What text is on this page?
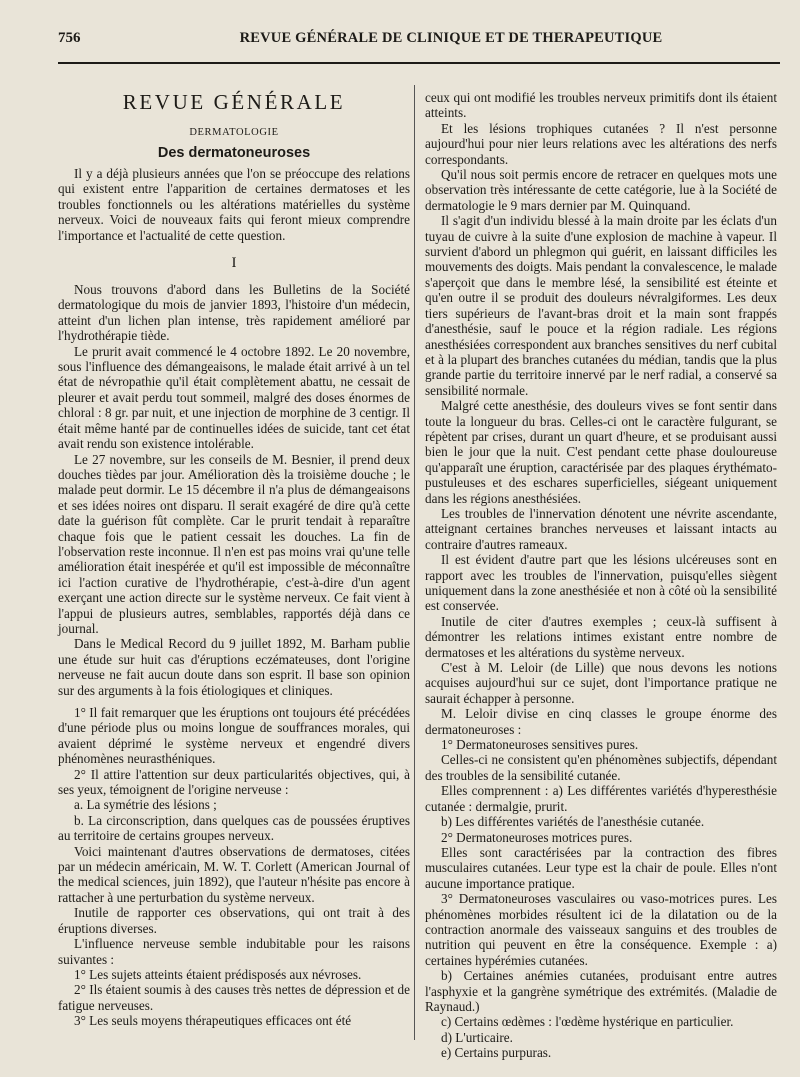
756	REVUE GÉNÉRALE DE CLINIQUE ET DE THERAPEUTIQUE
REVUE GÉNÉRALE
DERMATOLOGIE
Des dermatoneuroses

Il y a déjà plusieurs années que l'on se préoccupe des relations qui existent entre l'apparition de certaines dermatoses et les troubles fonctionnels ou les altérations matérielles du système nerveux. Voici de nouveaux faits qui feront mieux comprendre l'importance et l'actualité de cette question.

I

Nous trouvons d'abord dans les Bulletins de la Société dermatologique du mois de janvier 1893, l'histoire d'un médecin, atteint d'un lichen plan intense, très rapidement amélioré par l'hydrothérapie tiède.

Le prurit avait commencé le 4 octobre 1892. Le 20 novembre, sous l'influence des démangeaisons, le malade était arrivé à un tel état de névropathie qu'il était complètement abattu, ne cessait de pleurer et avait perdu tout sommeil, malgré des doses énormes de chloral : 8 gr. par nuit, et une injection de morphine de 3 centigr. Il était même hanté par de continuelles idées de suicide, tant cet état avait rendu son existence intolérable.

Le 27 novembre, sur les conseils de M. Besnier, il prend deux douches tièdes par jour. Amélioration dès la troisième douche ; le malade peut dormir. Le 15 décembre il n'a plus de démangeaisons et ses idées noires ont disparu. Il serait exagéré de dire qu'à cette date la guérison fût complète. Car le prurit tendait à reparaître chaque fois que le patient cessait les douches. La fin de l'observation reste inconnue. Il n'en est pas moins vrai qu'une telle amélioration était inespérée et qu'il est impossible de méconnaître ici l'action curative de l'hydrothérapie, c'est-à-dire d'un agent exerçant une action directe sur le système nerveux. Ce fait vient à l'appui de plusieurs autres, semblables, rapportés déjà dans ce journal.

Dans le Medical Record du 9 juillet 1892, M. Barham publie une étude sur huit cas d'éruptions eczémateuses, dont l'origine nerveuse ne fait aucun doute dans son esprit. Il base son opinion sur des arguments à la fois étiologiques et cliniques.

1° Il fait remarquer que les éruptions ont toujours été précédées d'une période plus ou moins longue de souffrances morales, qui avaient déprimé le système nerveux et engendré divers phénomènes neurasthéniques.

2° Il attire l'attention sur deux particularités objectives, qui, à ses yeux, témoignent de l'origine nerveuse :

a. La symétrie des lésions ;

b. La circonscription, dans quelques cas de poussées éruptives au territoire de certains groupes nerveux.

Voici maintenant d'autres observations de dermatoses, citées par un médecin américain, M. W. T. Corlett (American Journal of the medical sciences, juin 1892), que l'auteur n'hésite pas encore à rattacher à une perturbation du système nerveux.

Inutile de rapporter ces observations, qui ont trait à des éruptions diverses.

L'influence nerveuse semble indubitable pour les raisons suivantes :

1° Les sujets atteints étaient prédisposés aux névroses.

2° Ils étaient soumis à des causes très nettes de dépression et de fatigue nerveuses.

3° Les seuls moyens thérapeutiques efficaces ont été

ceux qui ont modifié les troubles nerveux primitifs dont ils étaient atteints.

Et les lésions trophiques cutanées ? Il n'est personne aujourd'hui pour nier leurs relations avec les altérations des nerfs correspondants.

Qu'il nous soit permis encore de retracer en quelques mots une observation très intéressante de cette catégorie, lue à la Société de dermatologie le 9 mars dernier par M. Quinquand.

Il s'agit d'un individu blessé à la main droite par les éclats d'un tuyau de cuivre à la suite d'une explosion de machine à vapeur. Il survient d'abord un phlegmon qui guérit, en laissant difficiles les mouvements des doigts. Mais pendant la convalescence, le malade s'aperçoit que dans le membre lésé, la sensibilité est éteinte et qu'en outre il se produit des douleurs névralgiformes. Les deux tiers supérieurs de l'avant-bras droit et la main sont frappés d'anesthésie, sauf le pouce et la région radiale. Les régions anesthésiées correspondent aux branches sensitives du nerf cubital et à la plupart des branches cutanées du médian, tandis que la plus grande partie du territoire innervé par le nerf radial, a conservé sa sensibilité normale.

Malgré cette anesthésie, des douleurs vives se font sentir dans toute la longueur du bras. Celles-ci ont le caractère fulgurant, se répètent par crises, durant un quart d'heure, et se produisant aussi bien le jour que la nuit. C'est pendant cette phase douloureuse qu'apparaît une éruption, caractérisée par des plaques érythémato-pustuleuses et des eschares superficielles, siégeant uniquement dans les régions anesthésiées.

Les troubles de l'innervation dénotent une névrite ascendante, atteignant certaines branches nerveuses et laissant intacts au contraire d'autres rameaux.

Il est évident d'autre part que les lésions ulcéreuses sont en rapport avec les troubles de l'innervation, puisqu'elles siègent uniquement dans la zone anesthésiée et non à côté où la sensibilité est conservée.

Inutile de citer d'autres exemples ; ceux-là suffisent à démontrer les relations intimes existant entre nombre de dermatoses et les altérations du système nerveux.

C'est à M. Leloir (de Lille) que nous devons les notions acquises aujourd'hui sur ce sujet, dont l'importance pratique ne saurait échapper à personne.

M. Leloir divise en cinq classes le groupe énorme des dermatoneuroses :

1° Dermatoneuroses sensitives pures.

Celles-ci ne consistent qu'en phénomènes subjectifs, dépendant des troubles de la sensibilité cutanée.

Elles comprennent : a) Les différentes variétés d'hyperesthésie cutanée : dermalgie, prurit.

b) Les différentes variétés de l'anesthésie cutanée.

2° Dermatoneuroses motrices pures.

Elles sont caractérisées par la contraction des fibres musculaires cutanées. Leur type est la chair de poule. Elles n'ont aucune importance pratique.

3° Dermatoneuroses vasculaires ou vaso-motrices pures. Les phénomènes morbides résultent ici de la dilatation ou de la contraction anormale des vaisseaux sanguins et des troubles de nutrition qui peuvent en être la conséquence. Exemple : a) certaines hypérémies cutanées.

b) Certaines anémies cutanées, produisant entre autres l'asphyxie et la gangrène symétrique des extrémités. (Maladie de Raynaud.)

c) Certains œdèmes : l'œdème hystérique en particulier.

d) L'urticaire.

e) Certains purpuras.
